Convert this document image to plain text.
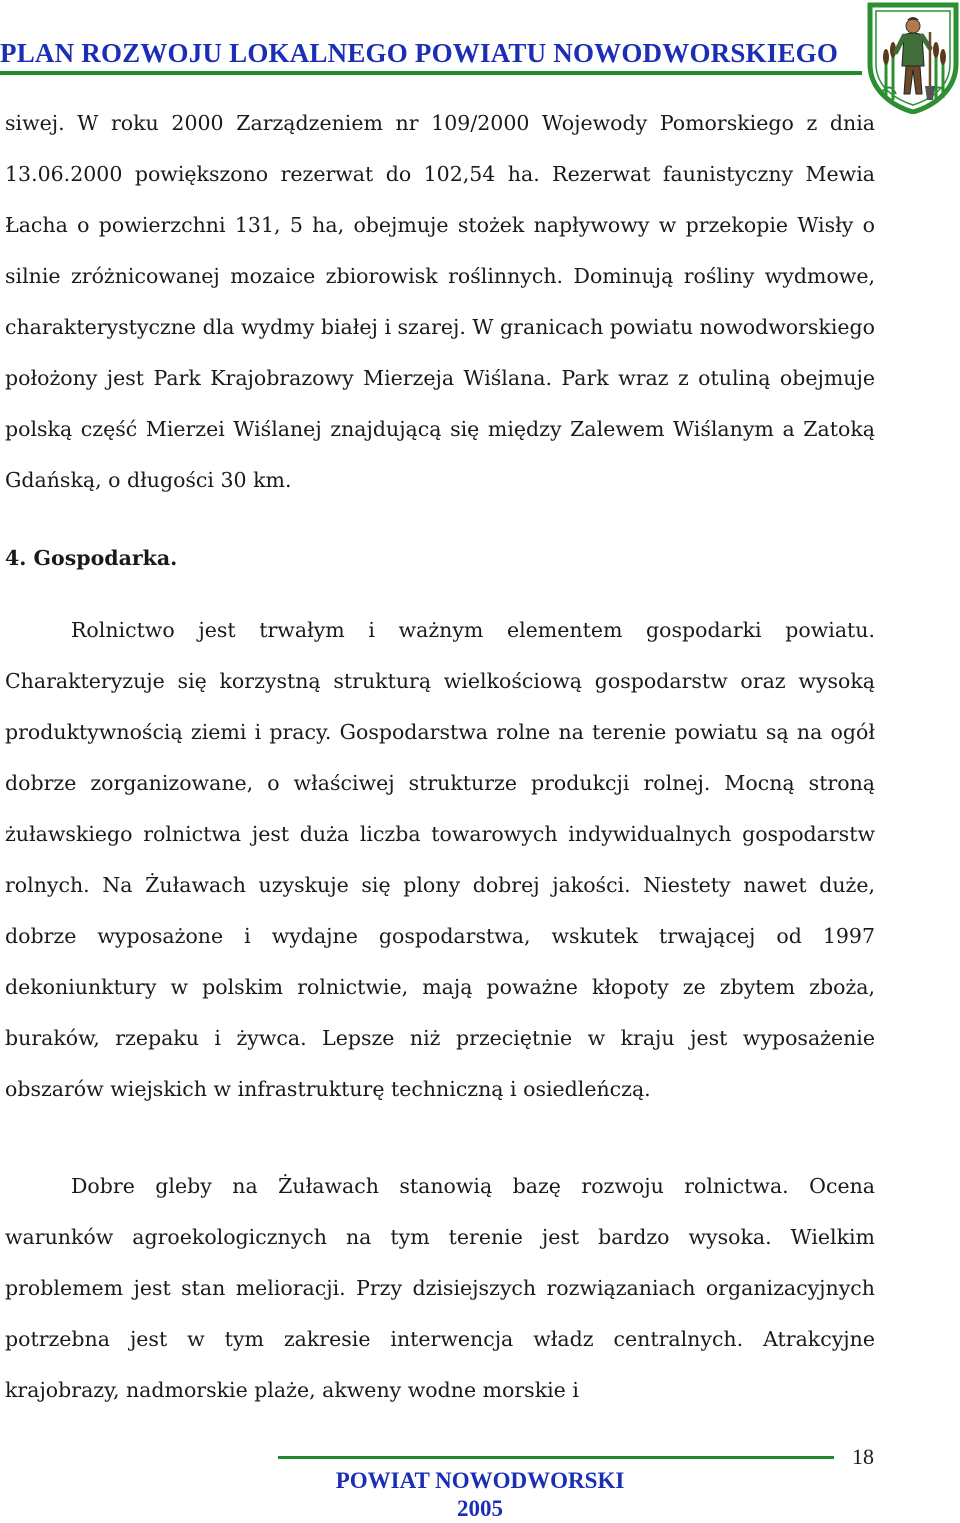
PLAN ROZWOJU LOKALNEGO POWIATU NOWODWORSKIEGO

siwej. W roku 2000 Zarządzeniem nr 109/2000 Wojewody Pomorskiego z dnia 13.06.2000 powiększono rezerwat do 102,54 ha. Rezerwat faunistyczny Mewia Łacha o powierzchni 131, 5 ha, obejmuje stożek napływowy w przekopie Wisły o silnie zróżnicowanej mozaice zbiorowisk roślinnych. Dominują rośliny wydmowe, charakterystyczne dla wydmy białej i szarej. W granicach powiatu nowodworskiego położony jest Park Krajobrazowy Mierzeja Wiślana. Park wraz z otuliną obejmuje polską część Mierzei Wiślanej znajdującą się między Zalewem Wiślanym a Zatoką Gdańską, o długości 30 km.

4. Gospodarka.

Rolnictwo jest trwałym i ważnym elementem gospodarki powiatu. Charakteryzuje się korzystną strukturą wielkościową gospodarstw oraz wysoką produktywnością ziemi i pracy. Gospodarstwa rolne na terenie powiatu są na ogół dobrze zorganizowane, o właściwej strukturze produkcji rolnej. Mocną stroną żuławskiego rolnictwa jest duża liczba towarowych indywidualnych gospodarstw rolnych. Na Żuławach uzyskuje się plony dobrej jakości. Niestety nawet duże, dobrze wyposażone i wydajne gospodarstwa, wskutek trwającej od 1997 dekoniunktury w polskim rolnictwie, mają poważne kłopoty ze zbytem zboża, buraków, rzepaku i żywca. Lepsze niż przeciętnie w kraju jest wyposażenie obszarów wiejskich w infrastrukturę techniczną i osiedleńczą.

Dobre gleby na Żuławach stanowią bazę rozwoju rolnictwa. Ocena warunków agroekologicznych na tym terenie jest bardzo wysoka. Wielkim problemem jest stan melioracji. Przy dzisiejszych rozwiązaniach organizacyjnych potrzebna jest w tym zakresie interwencja władz centralnych. Atrakcyjne krajobrazy, nadmorskie plaże, akweny wodne morskie i

18
POWIAT NOWODWORSKI
2005
